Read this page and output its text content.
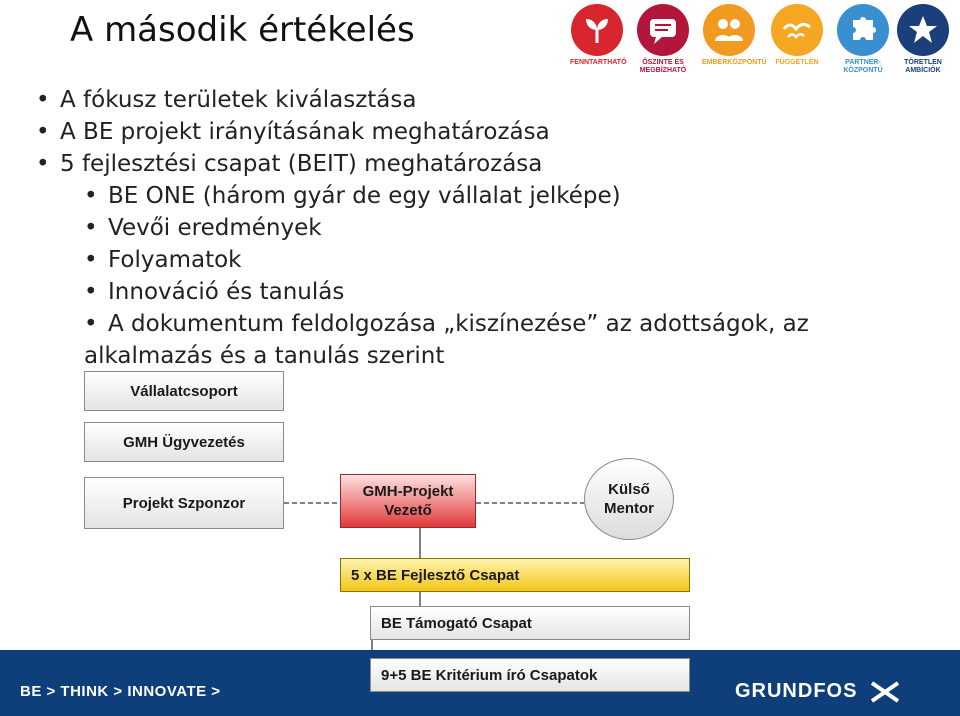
A második értékelés
FENNTARTHATÓ	ŐSZINTE ÉS MEGBÍZHATÓ
EMBERKÖZPONTÚ	FÜGGETLEN	PARTNER-KÖZPONTÚ
TÖRETLEN AMBÍCIÓK
• A fókusz területek kiválasztása
• A BE projekt irányításának meghatározása
• 5 fejlesztési csapat (BEIT) meghatározása
• BE ONE (három gyár de egy vállalat jelképe)
• Vevői eredmények
• Folyamatok
• Innováció és tanulás
• A dokumentum feldolgozása „kiszínezése” az adottságok, az
alkalmazás és a tanulás szerint
Vállalatcsoport
GMH Ügyvezetés
Projekt Szponzor
GMH-Projekt Vezető
Külső Mentor
5 x BE Fejlesztő Csapat
BE Támogató Csapat
9+5 BE Kritérium író Csapatok
BE > THINK > INNOVATE >	GRUNDFOS
